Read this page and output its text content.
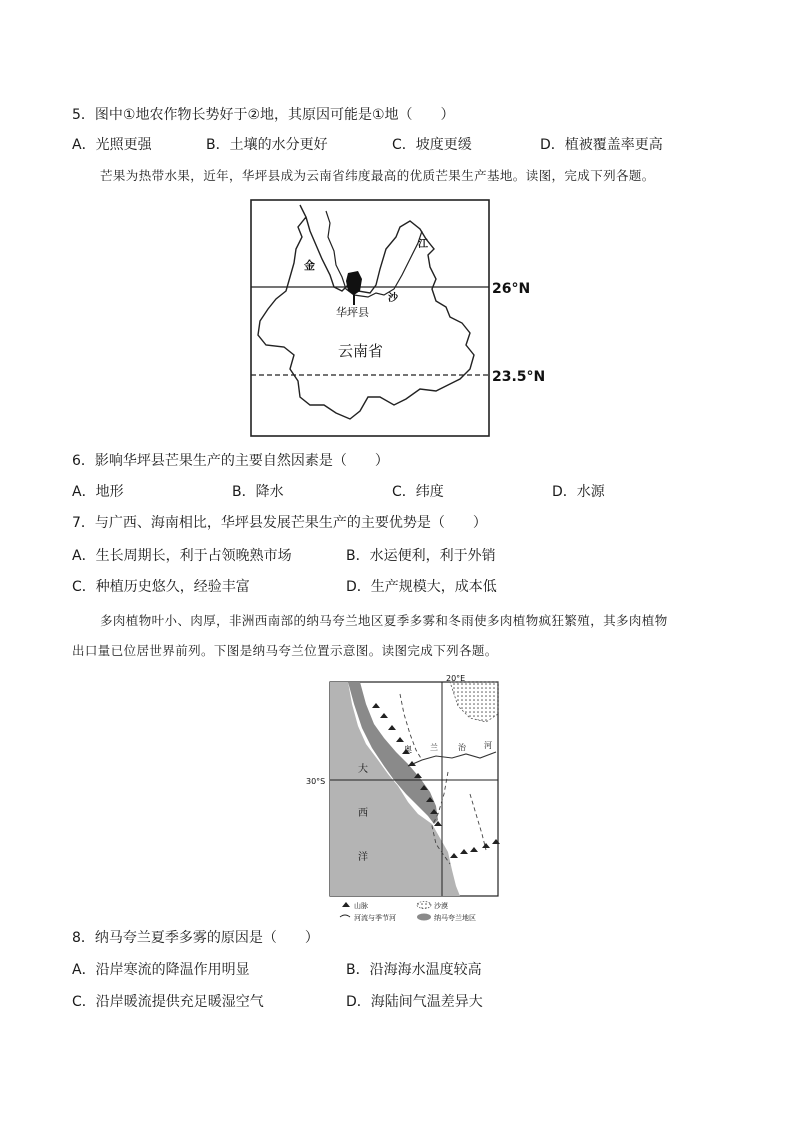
5．图中①地农作物长势好于②地，其原因可能是①地（　　）
A．光照更强	B．土壤的水分更好	C．坡度更缓	D．植被覆盖率更高
芒果为热带水果，近年，华坪县成为云南省纬度最高的优质芒果生产基地。读图，完成下列各题。
金
沙
江
华坪县
云南省
26°N
23.5°N
6．影响华坪县芒果生产的主要自然因素是（　　）
A．地形	B．降水	C．纬度	D．水源
7．与广西、海南相比，华坪县发展芒果生产的主要优势是（　　）
A．生长周期长，利于占领晚熟市场	B．水运便利，利于外销
C．种植历史悠久，经验丰富	D．生产规模大，成本低
多肉植物叶小、肉厚，非洲西南部的纳马夸兰地区夏季多雾和冬雨使多肉植物疯狂繁殖，其多肉植物
出口量已位居世界前列。下图是纳马夸兰位置示意图。读图完成下列各题。
20°E
30°S
大
西
洋
奥 兰	治 河
山脉	沙漠
河流与季节河	纳马夸兰地区
8．纳马夸兰夏季多雾的原因是（　　）
A．沿岸寒流的降温作用明显	B．沿海海水温度较高
C．沿岸暖流提供充足暖湿空气	D．海陆间气温差异大
